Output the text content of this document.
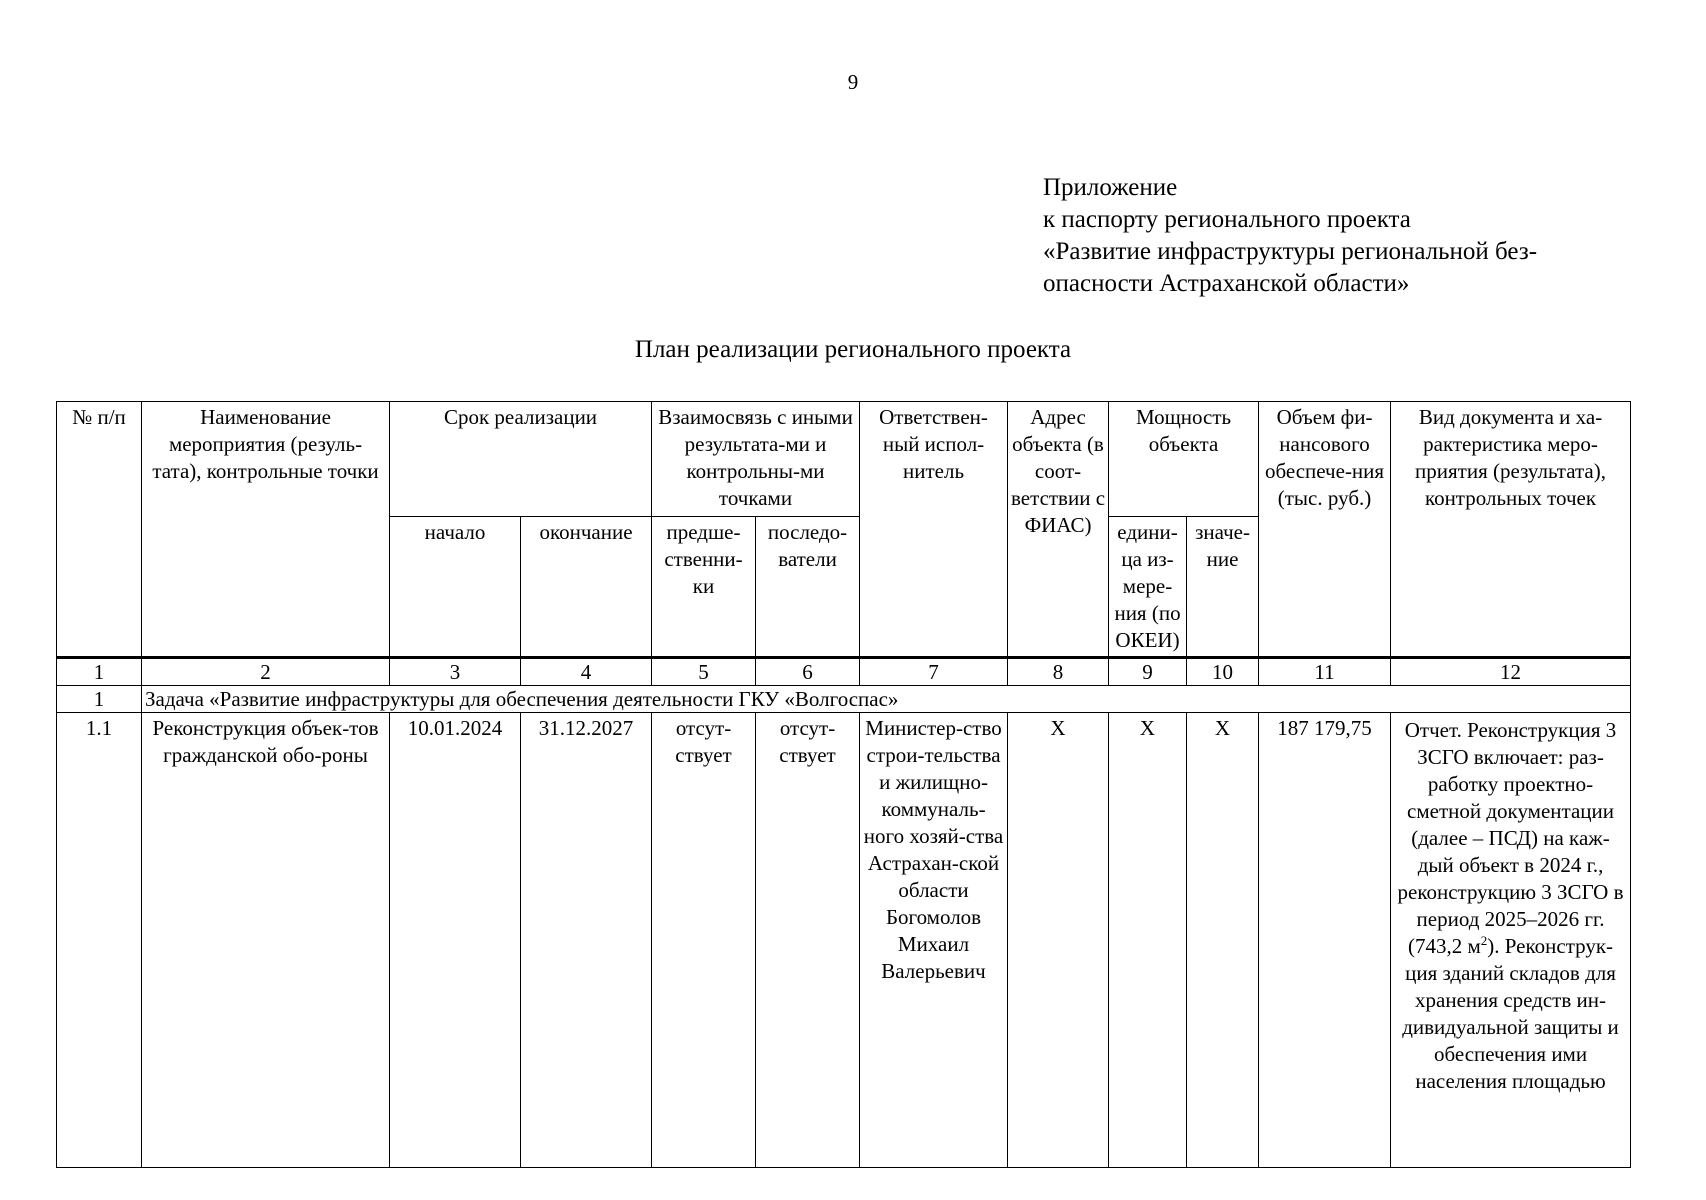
9
Приложение
к паспорту регионального проекта
«Развитие инфраструктуры региональной без-
опасности Астраханской области»
План реализации регионального проекта
№ п/п	Наименование мероприятия (резуль-тата), контрольные точки	Срок реализации		Взаимосвязь с иными результата-ми и контрольны-ми точками		Ответствен-ный испол-нитель	Адрес объекта (в соот-ветствии с ФИАС)	Мощность объекта		Объем фи-нансового обеспече-ния (тыс. руб.)	Вид документа и ха-рактеристика меро-приятия (результата), контрольных точек
		начало	окончание	предше-ственни-ки	последо-ватели			едини-ца из-мере-ния (по ОКЕИ)	значе-ние		
1	2	3	4	5	6	7	8	9	10	11	12
1	Задача «Развитие инфраструктуры для обеспечения деятельности ГКУ «Волгоспас»										
1.1	Реконструкция объек-тов гражданской обо-роны	10.01.2024	31.12.2027	отсут-ствует	отсут-ствует	Министер-ство строи-тельства и жилищно-коммуналь-ного хозяй-ства Астрахан-ской области Богомолов Михаил Валерьевич	X	X	X	187 179,75	Отчет. Реконструкция 3 ЗСГО включает: раз-работку проектно-сметной документации (далее – ПСД) на каж-дый объект в 2024 г., реконструкцию 3 ЗСГО в период 2025–2026 гг. (743,2 $м^2$). Реконструк-ция зданий складов для хранения средств ин-дивидуальной защиты и обеспечения ими населения площадью
